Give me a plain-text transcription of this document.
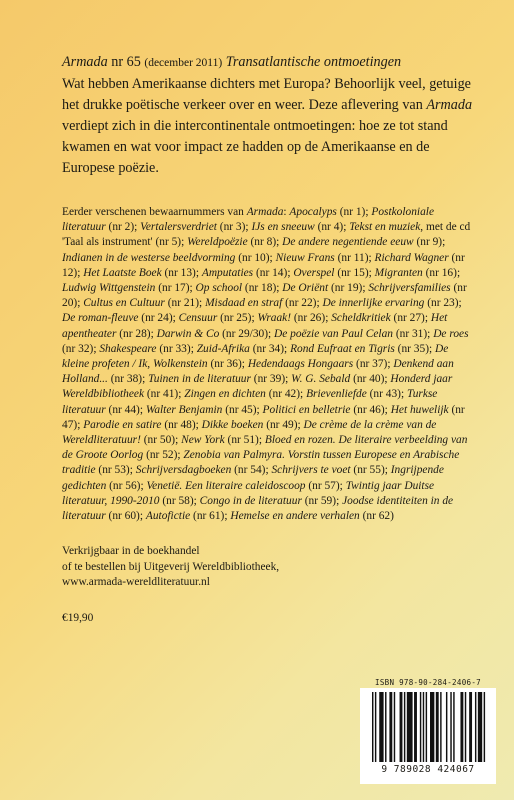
Armada nr 65 (december 2011) Transatlantische ontmoetingen
Wat hebben Amerikaanse dichters met Europa? Behoorlijk veel, getuige het drukke poëtische verkeer over en weer. Deze aflevering van Armada verdiept zich in die intercontinentale ontmoetingen: hoe ze tot stand kwamen en wat voor impact ze hadden op de Amerikaanse en de Europese poëzie.

Eerder verschenen bewaarnummers van Armada: Apocalyps (nr 1); Postkoloniale literatuur (nr 2); Vertalersverdriet (nr 3); IJs en sneeuw (nr 4); Tekst en muziek, met de cd 'Taal als instrument' (nr 5); Wereldpoëzie (nr 8); De andere negentiende eeuw (nr 9); Indianen in de westerse beeldvorming (nr 10); Nieuw Frans (nr 11); Richard Wagner (nr 12); Het Laatste Boek (nr 13); Amputaties (nr 14); Overspel (nr 15); Migranten (nr 16); Ludwig Wittgenstein (nr 17); Op school (nr 18); De Oriënt (nr 19); Schrijversfamilies (nr 20); Cultus en Cultuur (nr 21); Misdaad en straf (nr 22); De innerlijke ervaring (nr 23); De roman-fleuve (nr 24); Censuur (nr 25); Wraak! (nr 26); Scheldkritiek (nr 27); Het apentheater (nr 28); Darwin & Co (nr 29/30); De poëzie van Paul Celan (nr 31); De roes (nr 32); Shakespeare (nr 33); Zuid-Afrika (nr 34); Rond Eufraat en Tigris (nr 35); De kleine profeten / Ik, Wolkenstein (nr 36); Hedendaags Hongaars (nr 37); Denkend aan Holland... (nr 38); Tuinen in de literatuur (nr 39); W. G. Sebald (nr 40); Honderd jaar Wereldbibliotheek (nr 41); Zingen en dichten (nr 42); Brievenliefde (nr 43); Turkse literatuur (nr 44); Walter Benjamin (nr 45); Politici en belletrie (nr 46); Het huwelijk (nr 47); Parodie en satire (nr 48); Dikke boeken (nr 49); De crème de la crème van de Wereldliteratuur! (nr 50); New York (nr 51); Bloed en rozen. De literaire verbeelding van de Groote Oorlog (nr 52); Zenobia van Palmyra. Vorstin tussen Europese en Arabische traditie (nr 53); Schrijversdagboeken (nr 54); Schrijvers te voet (nr 55); Ingrijpende gedichten (nr 56); Venetië. Een literaire caleidoscoop (nr 57); Twintig jaar Duitse literatuur, 1990-2010 (nr 58); Congo in de literatuur (nr 59); Joodse identiteiten in de literatuur (nr 60); Autofictie (nr 61); Hemelse en andere verhalen (nr 62)

Verkrijgbaar in de boekhandel
of te bestellen bij Uitgeverij Wereldbibliotheek,
www.armada-wereldliteratuur.nl
€19,90
ISBN 978-90-284-2406-7
9 789028 424067
